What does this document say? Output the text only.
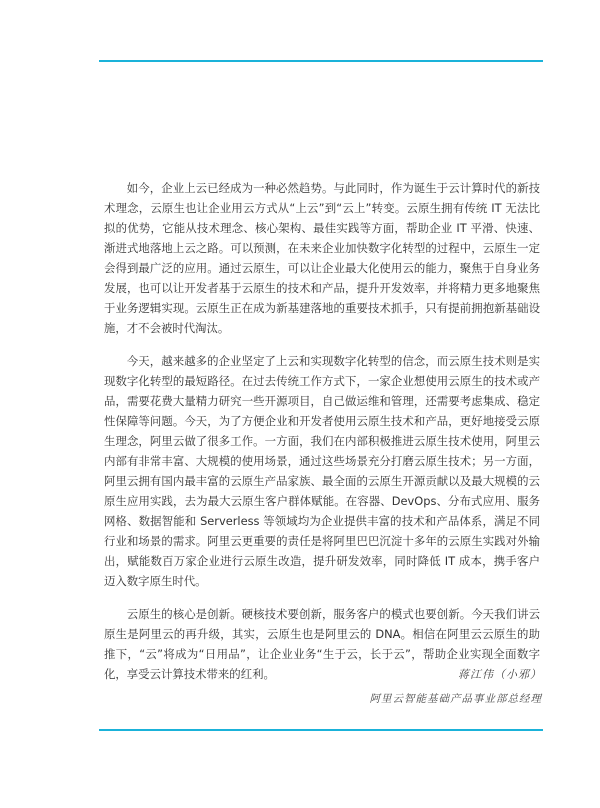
如今，企业上云已经成为一种必然趋势。与此同时，作为诞生于云计算时代的新技术理念，云原生也让企业用云方式从“上云”到“云上”转变。云原生拥有传统 IT 无法比拟的优势，它能从技术理念、核心架构、最佳实践等方面，帮助企业 IT 平滑、快速、渐进式地落地上云之路。可以预测，在未来企业加快数字化转型的过程中，云原生一定会得到最广泛的应用。通过云原生，可以让企业最大化使用云的能力，聚焦于自身业务发展，也可以让开发者基于云原生的技术和产品，提升开发效率，并将精力更多地聚焦于业务逻辑实现。云原生正在成为新基建落地的重要技术抓手，只有提前拥抱新基础设施，才不会被时代淘汰。

今天，越来越多的企业坚定了上云和实现数字化转型的信念，而云原生技术则是实现数字化转型的最短路径。在过去传统工作方式下，一家企业想使用云原生的技术或产品，需要花费大量精力研究一些开源项目，自己做运维和管理，还需要考虑集成、稳定性保障等问题。今天，为了方便企业和开发者使用云原生技术和产品，更好地接受云原生理念，阿里云做了很多工作。一方面，我们在内部积极推进云原生技术使用，阿里云内部有非常丰富、大规模的使用场景，通过这些场景充分打磨云原生技术；另一方面，阿里云拥有国内最丰富的云原生产品家族、最全面的云原生开源贡献以及最大规模的云原生应用实践，去为最大云原生客户群体赋能。在容器、DevOps、分布式应用、服务网格、数据智能和 Serverless 等领域均为企业提供丰富的技术和产品体系，满足不同行业和场景的需求。阿里云更重要的责任是将阿里巴巴沉淀十多年的云原生实践对外输出，赋能数百万家企业进行云原生改造，提升研发效率，同时降低 IT 成本，携手客户迈入数字原生时代。

云原生的核心是创新。硬核技术要创新，服务客户的模式也要创新。今天我们讲云原生是阿里云的再升级，其实，云原生也是阿里云的 DNA。相信在阿里云云原生的助推下，“云”将成为“日用品”，让企业业务“生于云，长于云”，帮助企业实现全面数字化，享受云计算技术带来的红利。	蒋江伟（小邪）
阿里云智能基础产品事业部总经理
